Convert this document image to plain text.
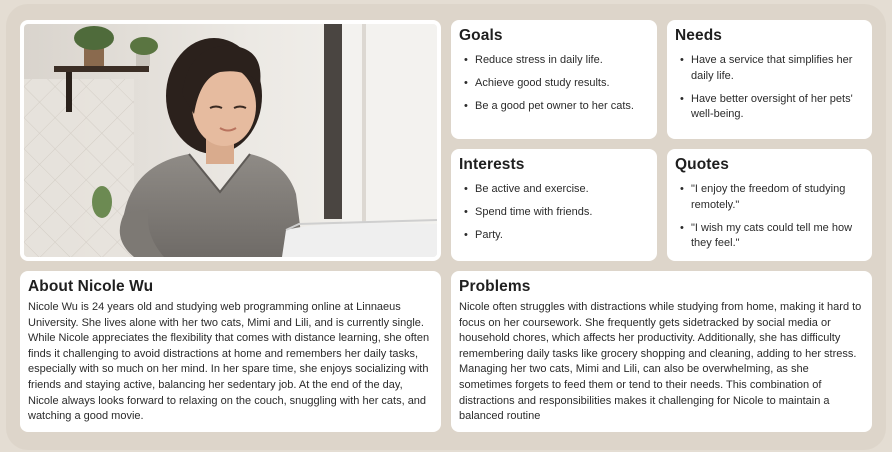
Goals
• Reduce stress in daily life.
• Achieve good study results.
• Be a good pet owner to her cats.
Needs
• Have a service that simplifies her daily life.
• Have better oversight of her pets' well-being.
Interests
• Be active and exercise.
• Spend time with friends.
• Party.
Quotes
• "I enjoy the freedom of studying remotely."
• "I wish my cats could tell me how they feel."
About Nicole Wu

Nicole Wu is 24 years old and studying web programming online at Linnaeus University. She lives alone with her two cats, Mimi and Lili, and is currently single. While Nicole appreciates the flexibility that comes with distance learning, she often finds it challenging to avoid distractions at home and remembers her daily tasks, especially with so much on her mind. In her spare time, she enjoys socializing with friends and staying active, balancing her sedentary job. At the end of the day, Nicole always looks forward to relaxing on the couch, snuggling with her cats, and watching a good movie.

Problems

Nicole often struggles with distractions while studying from home, making it hard to focus on her coursework. She frequently gets sidetracked by social media or household chores, which affects her productivity. Additionally, she has difficulty remembering daily tasks like grocery shopping and cleaning, adding to her stress. Managing her two cats, Mimi and Lili, can also be overwhelming, as she sometimes forgets to feed them or tend to their needs. This combination of distractions and responsibilities makes it challenging for Nicole to maintain a balanced routine
